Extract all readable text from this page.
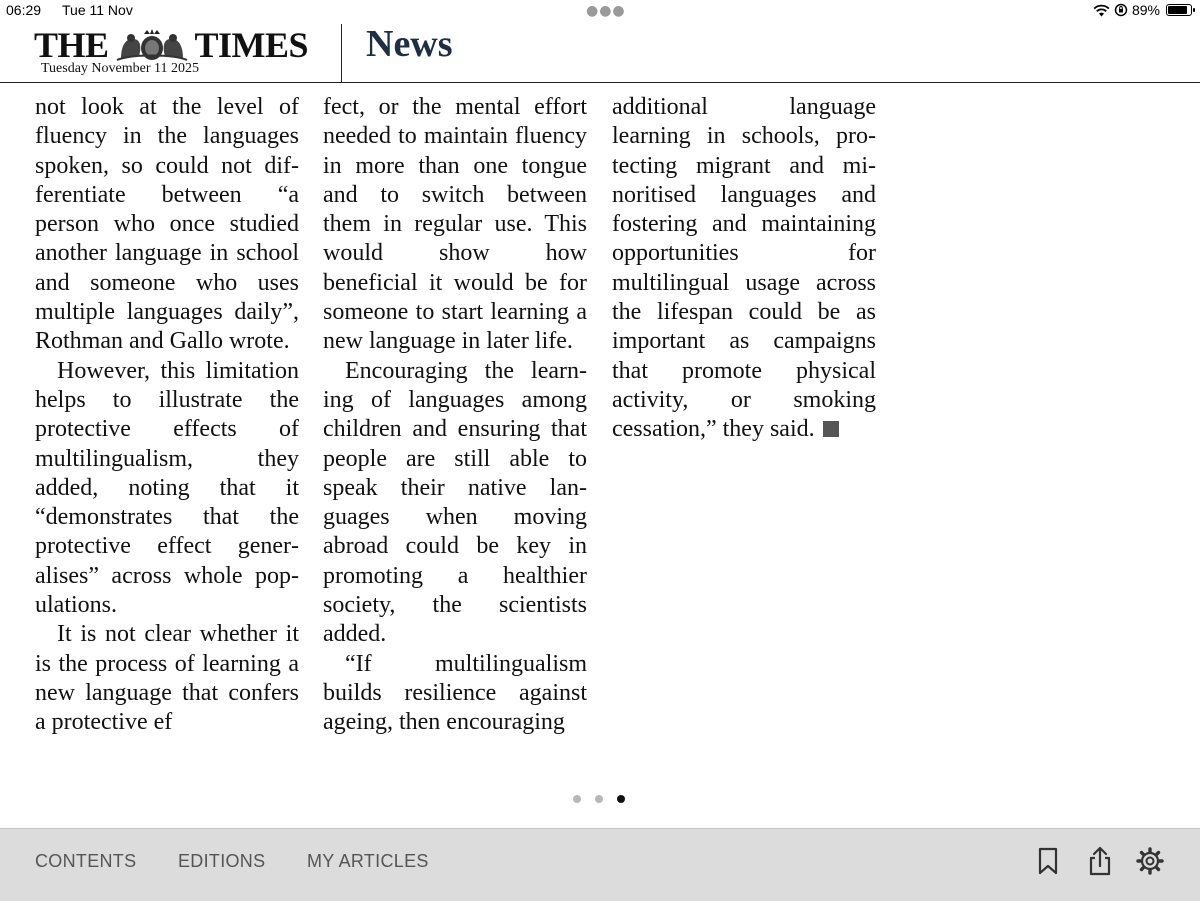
06:29 Tue 11 Nov	●●●	89%
THE TIMES
Tuesday November 11 2025
News

not look at the level of fluency in the languages spoken, so could not differentiate between “a person who once studied another language in school and someone who uses multiple languages daily”, Rothman and Gallo wrote.

However, this limitation helps to illustrate the protective effects of multilingualism, they added, noting that it “demonstrates that the protective effect generalises” across whole populations.

It is not clear whether it is the process of learning a new language that confers a protective ef

fect, or the mental effort needed to maintain fluency in more than one tongue and to switch between them in regular use. This would show how beneficial it would be for someone to start learning a new language in later life.

Encouraging the learning of languages among children and ensuring that people are still able to speak their native languages when moving abroad could be key in promoting a healthier society, the scientists added.

“If multilingualism builds resilience against ageing, then encouraging

additional language learning in schools, protecting migrant and minoritised languages and fostering and maintaining opportunities for multilingual usage across the lifespan could be as important as campaigns that promote physical activity, or smoking cessation,” they said.

CONTENTS EDITIONS MY ARTICLES
